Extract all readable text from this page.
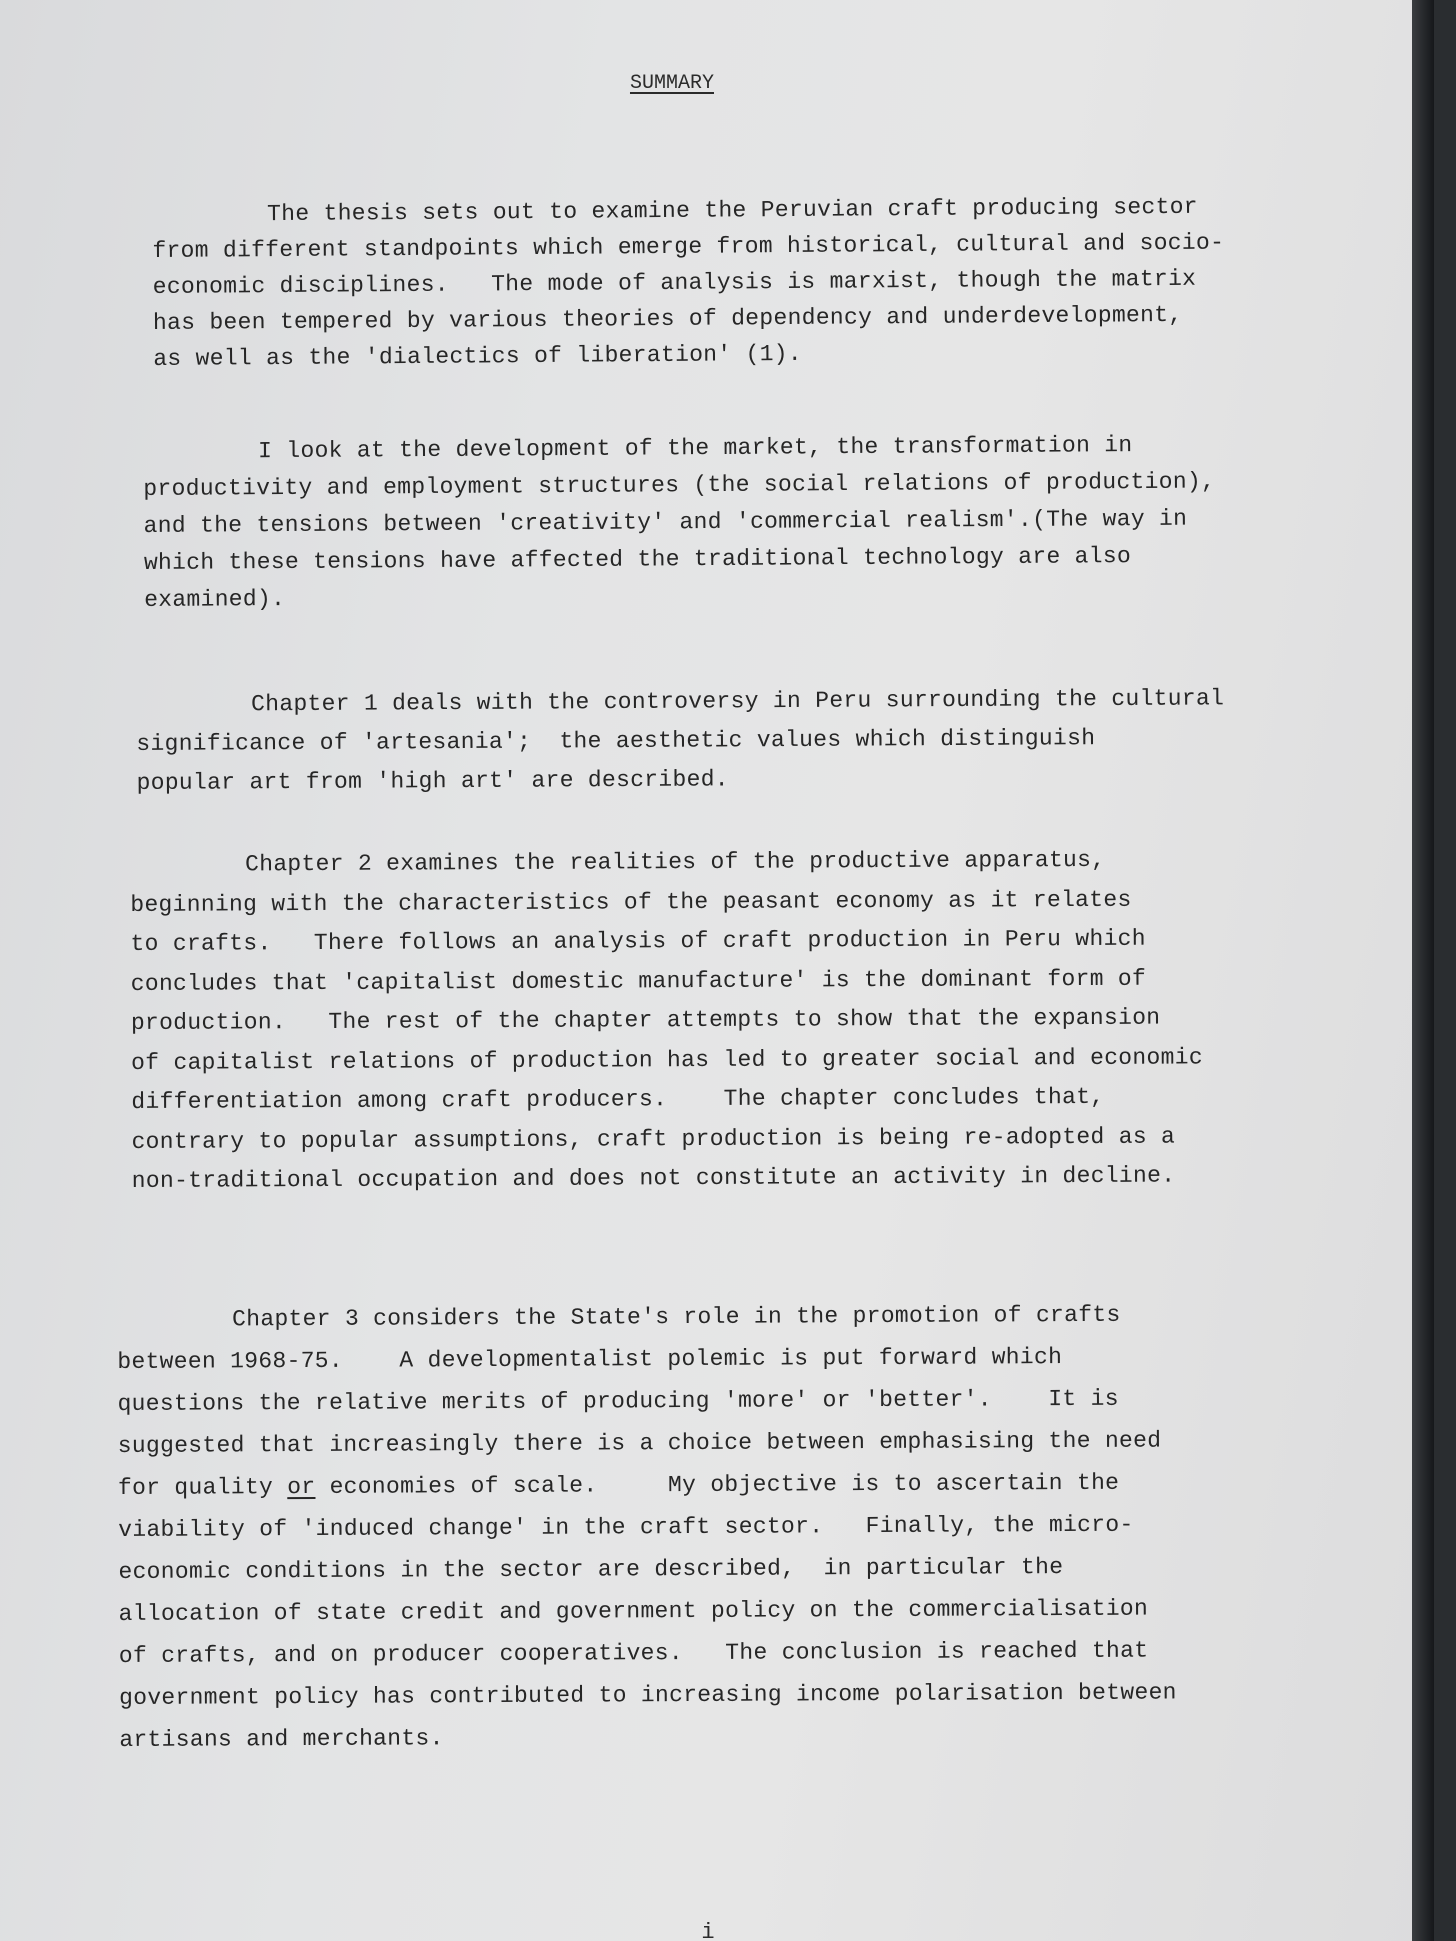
SUMMARY
The thesis sets out to examine the Peruvian craft producing sector
from different standpoints which emerge from historical, cultural and socio-
economic disciplines.   The mode of analysis is marxist, though the matrix
has been tempered by various theories of dependency and underdevelopment,
as well as the 'dialectics of liberation' (1).
I look at the development of the market, the transformation in
productivity and employment structures (the social relations of production),
and the tensions between 'creativity' and 'commercial realism'.(The way in
which these tensions have affected the traditional technology are also
examined).
Chapter 1 deals with the controversy in Peru surrounding the cultural
significance of 'artesania';  the aesthetic values which distinguish
popular art from 'high art' are described.
Chapter 2 examines the realities of the productive apparatus,
beginning with the characteristics of the peasant economy as it relates
to crafts.   There follows an analysis of craft production in Peru which
concludes that 'capitalist domestic manufacture' is the dominant form of
production.   The rest of the chapter attempts to show that the expansion
of capitalist relations of production has led to greater social and economic
differentiation among craft producers.    The chapter concludes that,
contrary to popular assumptions, craft production is being re-adopted as a
non-traditional occupation and does not constitute an activity in decline.
Chapter 3 considers the State's role in the promotion of crafts
between 1968-75.    A developmentalist polemic is put forward which
questions the relative merits of producing 'more' or 'better'.    It is
suggested that increasingly there is a choice between emphasising the need
for quality or economies of scale.     My objective is to ascertain the
viability of 'induced change' in the craft sector.   Finally, the micro-
economic conditions in the sector are described,  in particular the
allocation of state credit and government policy on the commercialisation
of crafts, and on producer cooperatives.   The conclusion is reached that
government policy has contributed to increasing income polarisation between
artisans and merchants.
i
